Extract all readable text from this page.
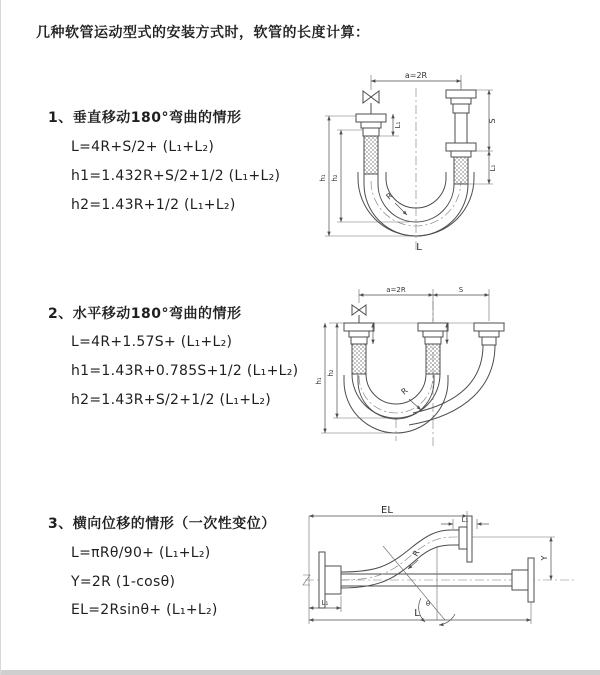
几种软管运动型式的安装方式时，软管的长度计算：
1、垂直移动180°弯曲的情形
L=4R+S/2+ (L₁+L₂)
h1=1.432R+S/2+1/2 (L₁+L₂)
h2=1.43R+1/2 (L₁+L₂)
2、水平移动180°弯曲的情形
L=4R+1.57S+ (L₁+L₂)
h1=1.43R+0.785S+1/2 (L₁+L₂)
h2=1.43R+S/2+1/2 (L₁+L₂)
3、横向位移的情形（一次性变位）
L=πRθ/90+ (L₁+L₂)
Y=2R (1-cosθ)
EL=2Rsinθ+ (L₁+L₂)
a=2R
R
L
h₁ h₂
L₁
S
L₁
a=2R	S
R
h₁
h₂
EL
L₁
Y
θ
R
L₁
L
